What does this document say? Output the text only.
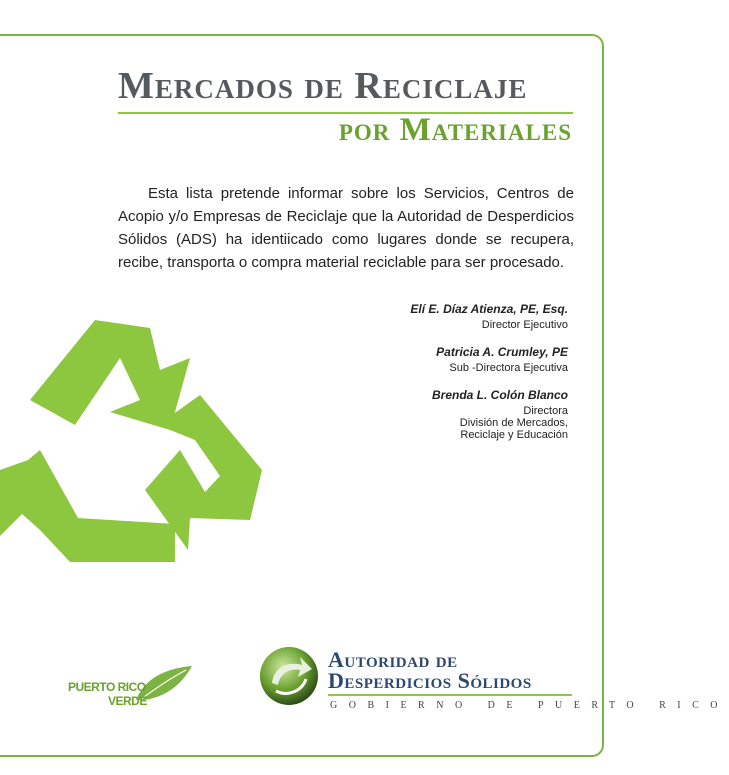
Mercados de Reciclaje
por Materiales

Esta lista pretende informar sobre los Servicios, Centros de Acopio y/o Empresas de Reciclaje que la Autoridad de Desperdicios Sólidos (ADS) ha identiicado como lugares donde se recupera, recibe, transporta o compra material reciclable para ser procesado.

Elí E. Díaz Atienza, PE, Esq.
Director Ejecutivo
Patricia A. Crumley, PE
Sub -Directora Ejecutiva
Brenda L. Colón Blanco
Directora
División de Mercados,
Reciclaje y Educación
PUERTO RICO
VERDE
Autoridad de
Desperdicios Sólidos
GOBIERNO DE PUERTO RICO
